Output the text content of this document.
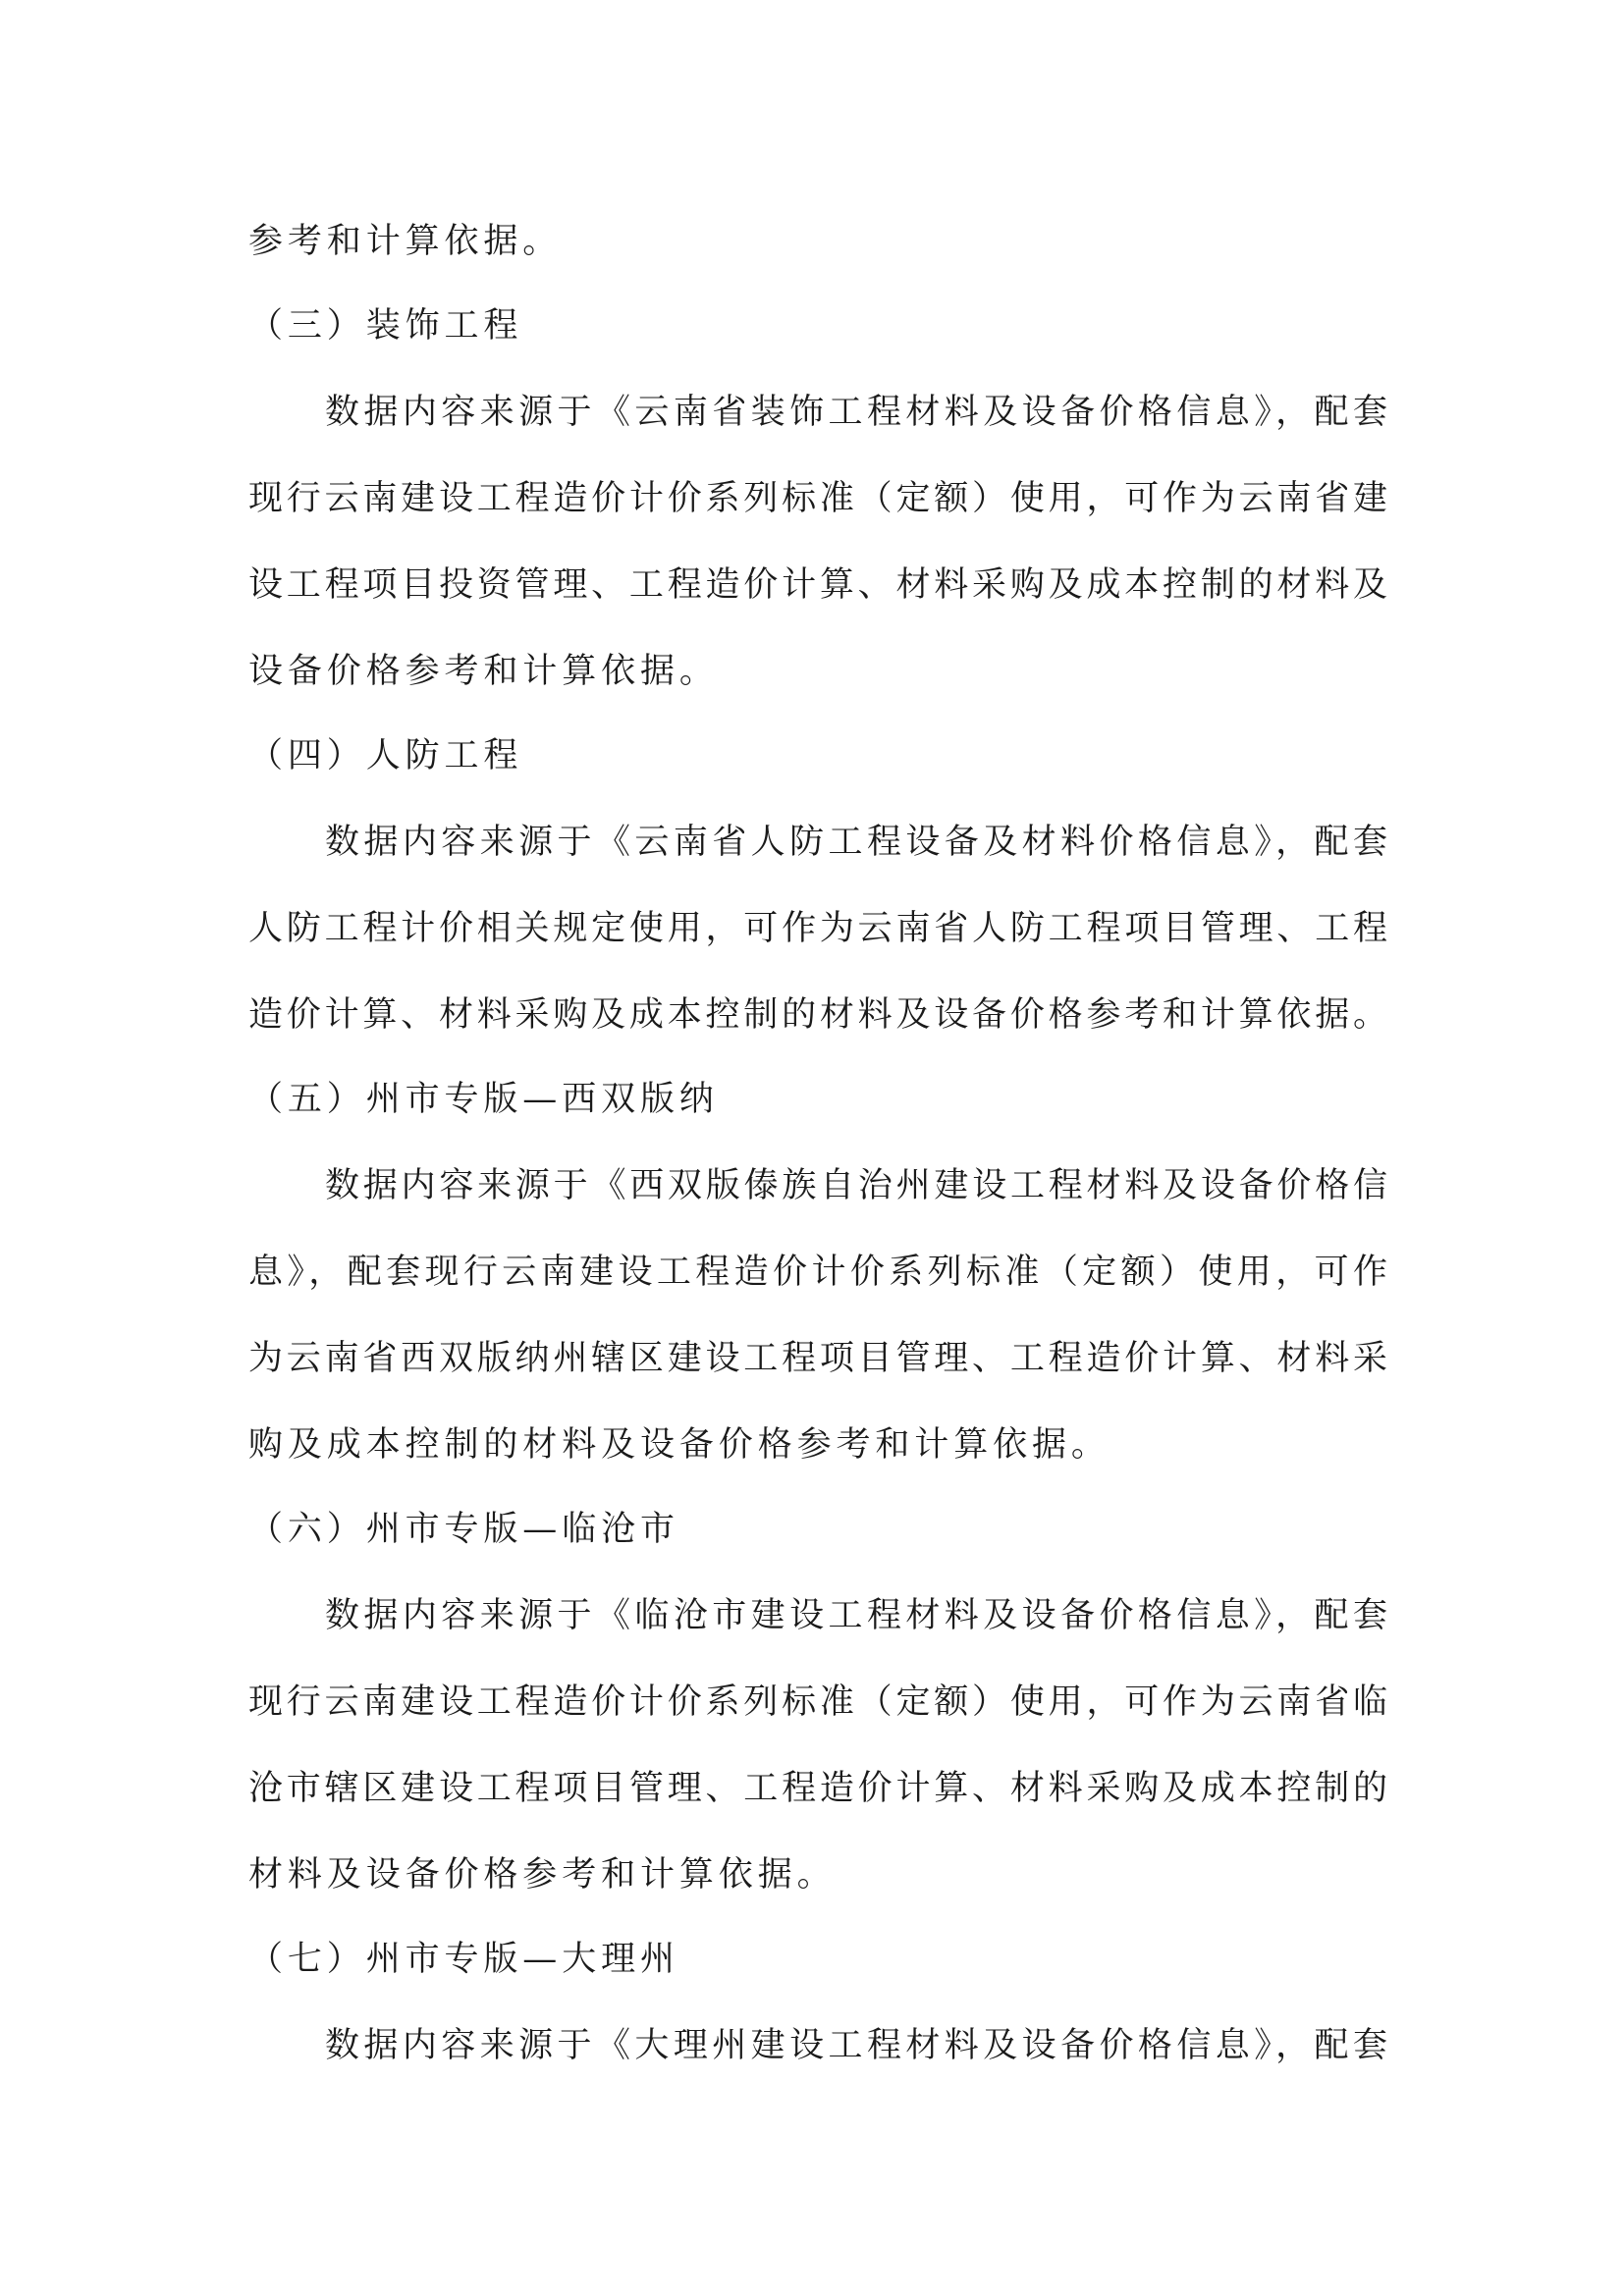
参考和计算依据。
（三）装饰工程
数据内容来源于《云南省装饰工程材料及设备价格信息》，配套
现行云南建设工程造价计价系列标准（定额）使用，可作为云南省建
设工程项目投资管理、工程造价计算、材料采购及成本控制的材料及
设备价格参考和计算依据。
（四）人防工程
数据内容来源于《云南省人防工程设备及材料价格信息》，配套
人防工程计价相关规定使用，可作为云南省人防工程项目管理、工程
造价计算、材料采购及成本控制的材料及设备价格参考和计算依据。
（五）州市专版—西双版纳
数据内容来源于《西双版傣族自治州建设工程材料及设备价格信
息》，配套现行云南建设工程造价计价系列标准（定额）使用，可作
为云南省西双版纳州辖区建设工程项目管理、工程造价计算、材料采
购及成本控制的材料及设备价格参考和计算依据。
（六）州市专版—临沧市
数据内容来源于《临沧市建设工程材料及设备价格信息》，配套
现行云南建设工程造价计价系列标准（定额）使用，可作为云南省临
沧市辖区建设工程项目管理、工程造价计算、材料采购及成本控制的
材料及设备价格参考和计算依据。
（七）州市专版—大理州
数据内容来源于《大理州建设工程材料及设备价格信息》，配套
